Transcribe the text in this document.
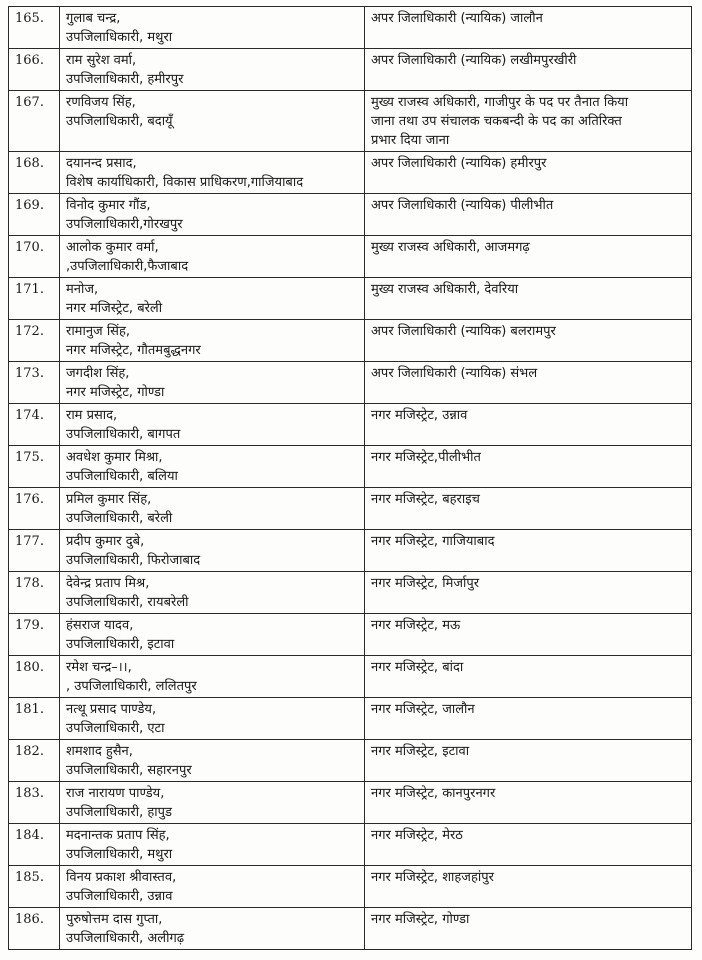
165.	गुलाब चन्द्र,
उपजिलाधिकारी, मथुरा	अपर जिलाधिकारी (न्यायिक) जालौन

166.	राम सुरेश वर्मा,
उपजिलाधिकारी, हमीरपुर	अपर जिलाधिकारी (न्यायिक) लखीमपुरखीरी

167.	रणविजय सिंह,
उपजिलाधिकारी, बदायूँ	मुख्य राजस्व अधिकारी, गाजीपुर के पद पर तैनात किया
जाना तथा उप संचालक चकबन्दी के पद का अतिरिक्त
प्रभार दिया जाना

168.	दयानन्द प्रसाद,
विशेष कार्याधिकारी, विकास प्राधिकरण,गाजियाबाद	अपर जिलाधिकारी (न्यायिक) हमीरपुर

169.	विनोद कुमार गौंड,
उपजिलाधिकारी,गोरखपुर	अपर जिलाधिकारी (न्यायिक) पीलीभीत

170.	आलोक कुमार वर्मा,
,उपजिलाधिकारी,फैजाबाद	मुख्य राजस्व अधिकारी, आजमगढ़

171.	मनोज,
नगर मजिस्ट्रेट, बरेली	मुख्य राजस्व अधिकारी, देवरिया

172.	रामानुज सिंह,
नगर मजिस्ट्रेट, गौतमबुद्धनगर	अपर जिलाधिकारी (न्यायिक) बलरामपुर

173.	जगदीश सिंह,
नगर मजिस्ट्रेट, गोण्डा	अपर जिलाधिकारी (न्यायिक) संभल

174.	राम प्रसाद,
उपजिलाधिकारी, बागपत	नगर मजिस्ट्रेट, उन्नाव

175.	अवधेश कुमार मिश्रा,
उपजिलाधिकारी, बलिया	नगर मजिस्ट्रेट,पीलीभीत

176.	प्रमिल कुमार सिंह,
उपजिलाधिकारी, बरेली	नगर मजिस्ट्रेट, बहराइच

177.	प्रदीप कुमार दुबे,
उपजिलाधिकारी, फिरोजाबाद	नगर मजिस्ट्रेट, गाजियाबाद

178.	देवेन्द्र प्रताप मिश्र,
उपजिलाधिकारी, रायबरेली	नगर मजिस्ट्रेट, मिर्जापुर

179.	हंसराज यादव,
उपजिलाधिकारी, इटावा	नगर मजिस्ट्रेट, मऊ

180.	रमेश चन्द्र–।।,
, उपजिलाधिकारी, ललितपुर	नगर मजिस्ट्रेट, बांदा

181.	नत्थू प्रसाद पाण्डेय,
उपजिलाधिकारी, एटा	नगर मजिस्ट्रेट, जालौन

182.	शमशाद हुसैन,
उपजिलाधिकारी, सहारनपुर	नगर मजिस्ट्रेट, इटावा

183.	राज नारायण पाण्डेय,
उपजिलाधिकारी, हापुड	नगर मजिस्ट्रेट, कानपुरनगर

184.	मदनान्तक प्रताप सिंह,
उपजिलाधिकारी, मथुरा	नगर मजिस्ट्रेट, मेरठ

185.	विनय प्रकाश श्रीवास्तव,
उपजिलाधिकारी, उन्नाव	नगर मजिस्ट्रेट, शाहजहांपुर

186.	पुरुषोत्तम दास गुप्ता,
उपजिलाधिकारी, अलीगढ़	नगर मजिस्ट्रेट, गोण्डा
